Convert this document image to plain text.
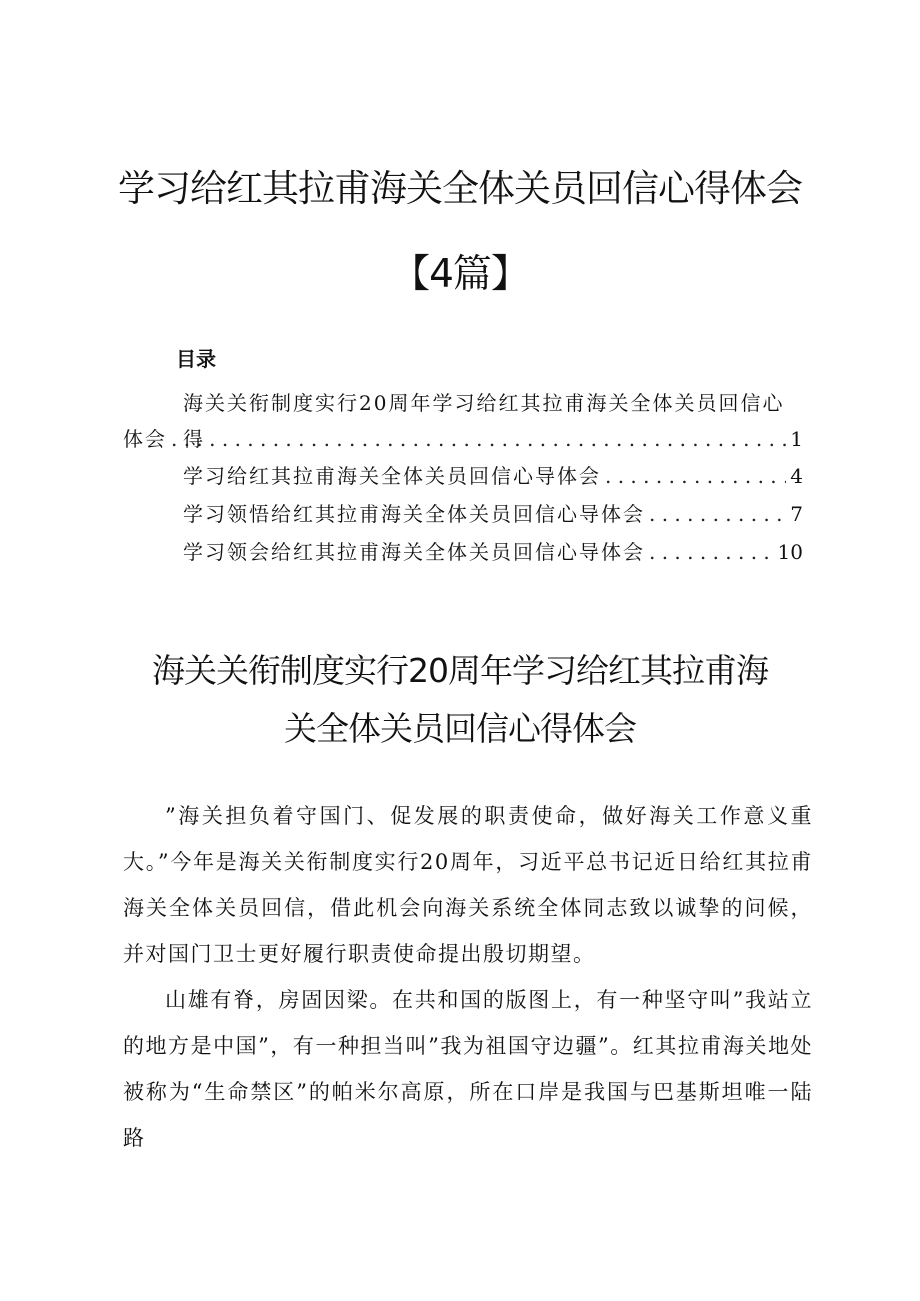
学习给红其拉甫海关全体关员回信心得体会
【4篇】
目录
海关关衔制度实行20周年学习给红其拉甫海关全体关员回信心得
体会 . . .	1
学习给红其拉甫海关全体关员回信心导体会 . . .	4
学习领悟给红其拉甫海关全体关员回信心导体会 . . .	7
学习领会给红其拉甫海关全体关员回信心导体会 . . .	10
海关关衔制度实行20周年学习给红其拉甫海
关全体关员回信心得体会

”海关担负着守国门、促发展的职责使命，做好海关工作意义重大。”今年是海关关衔制度实行20周年，习近平总书记近日给红其拉甫海关全体关员回信，借此机会向海关系统全体同志致以诚挚的问候，并对国门卫士更好履行职责使命提出殷切期望。

山雄有脊，房固因梁。在共和国的版图上，有一种坚守叫”我站立的地方是中国”，有一种担当叫”我为祖国守边疆”。红其拉甫海关地处被称为“生命禁区”的帕米尔高原，所在口岸是我国与巴基斯坦唯一陆路
